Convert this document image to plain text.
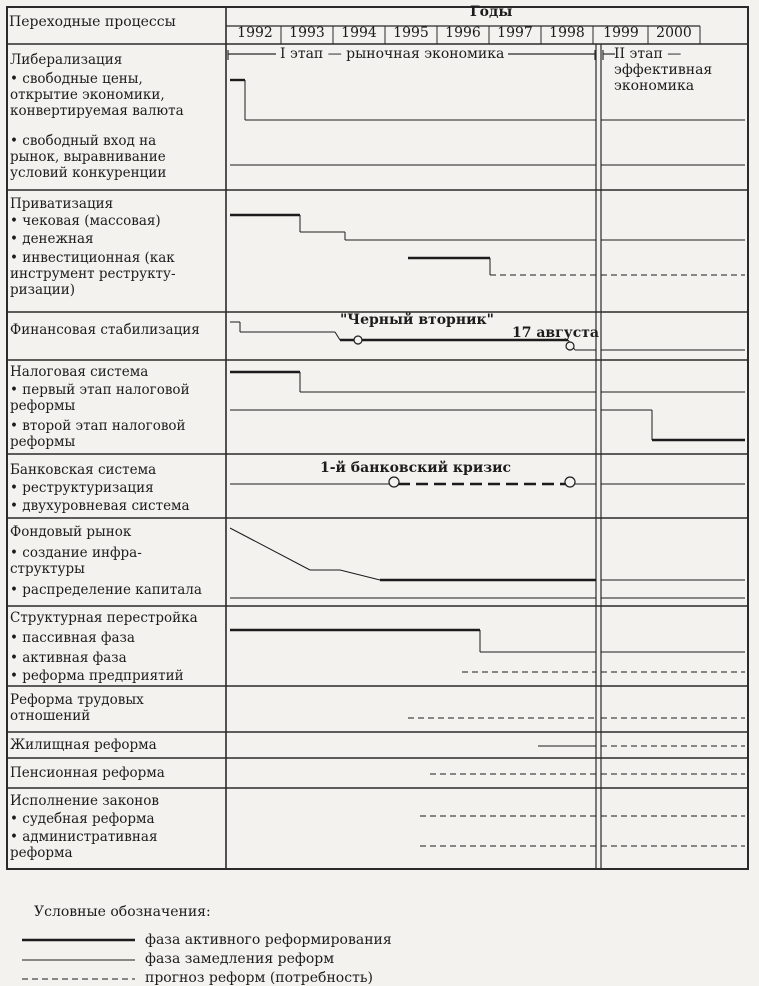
Переходные процессы
Годы
1992	1993	1994	1995	1996	1997	1998	1999	2000
I этап — рыночная экономика	II этап —
эффективная
экономика
"Черный вторник"
17 августа
1-й банковский кризис
Либерализация
• свободные цены,
открытие экономики,
конвертируемая валюта
• свободный вход на
рынок, выравнивание
условий конкуренции
Приватизация
• чековая (массовая)
• денежная
• инвестиционная (как
инструмент реструкту-
ризации)
Финансовая стабилизация
Налоговая система
• первый этап налоговой
реформы
• второй этап налоговой
реформы
Банковская система
• реструктуризация
• двухуровневая система
Фондовый рынок
• создание инфра-
структуры
• распределение капитала
Структурная перестройка
• пассивная фаза
• активная фаза
• реформа предприятий
Реформа трудовых
отношений
Жилищная реформа
Пенсионная реформа
Исполнение законов
• судебная реформа
• административная
реформа
Условные обозначения:
фаза активного реформирования
фаза замедления реформ
прогноз реформ (потребность)
